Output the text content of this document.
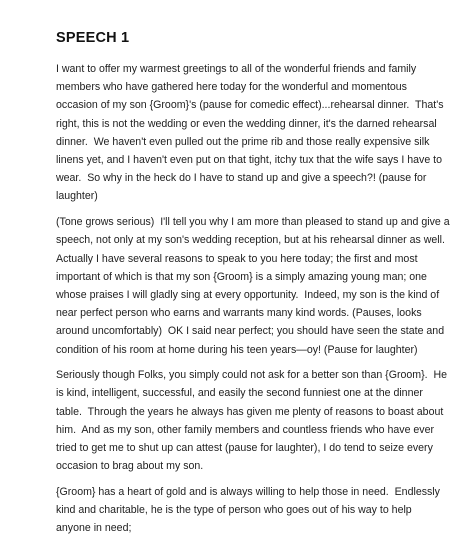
SPEECH 1

I want to offer my warmest greetings to all of the wonderful friends and family
members who have gathered here today for the wonderful and momentous
occasion of my son {Groom}'s (pause for comedic effect)...rehearsal dinner.  That's
right, this is not the wedding or even the wedding dinner, it's the darned rehearsal
dinner.  We haven't even pulled out the prime rib and those really expensive silk
linens yet, and I haven't even put on that tight, itchy tux that the wife says I have to
wear.  So why in the heck do I have to stand up and give a speech?! (pause for
laughter)

(Tone grows serious)  I'll tell you why I am more than pleased to stand up and give a
speech, not only at my son's wedding reception, but at his rehearsal dinner as well.
Actually I have several reasons to speak to you here today; the first and most
important of which is that my son {Groom} is a simply amazing young man; one
whose praises I will gladly sing at every opportunity.  Indeed, my son is the kind of
near perfect person who earns and warrants many kind words. (Pauses, looks
around uncomfortably)  OK I said near perfect; you should have seen the state and
condition of his room at home during his teen years—oy! (Pause for laughter)

Seriously though Folks, you simply could not ask for a better son than {Groom}.  He
is kind, intelligent, successful, and easily the second funniest one at the dinner
table.  Through the years he always has given me plenty of reasons to boast about
him.  And as my son, other family members and countless friends who have ever
tried to get me to shut up can attest (pause for laughter), I do tend to seize every
occasion to brag about my son.

{Groom} has a heart of gold and is always willing to help those in need.  Endlessly
kind and charitable, he is the type of person who goes out of his way to help
anyone in need;
